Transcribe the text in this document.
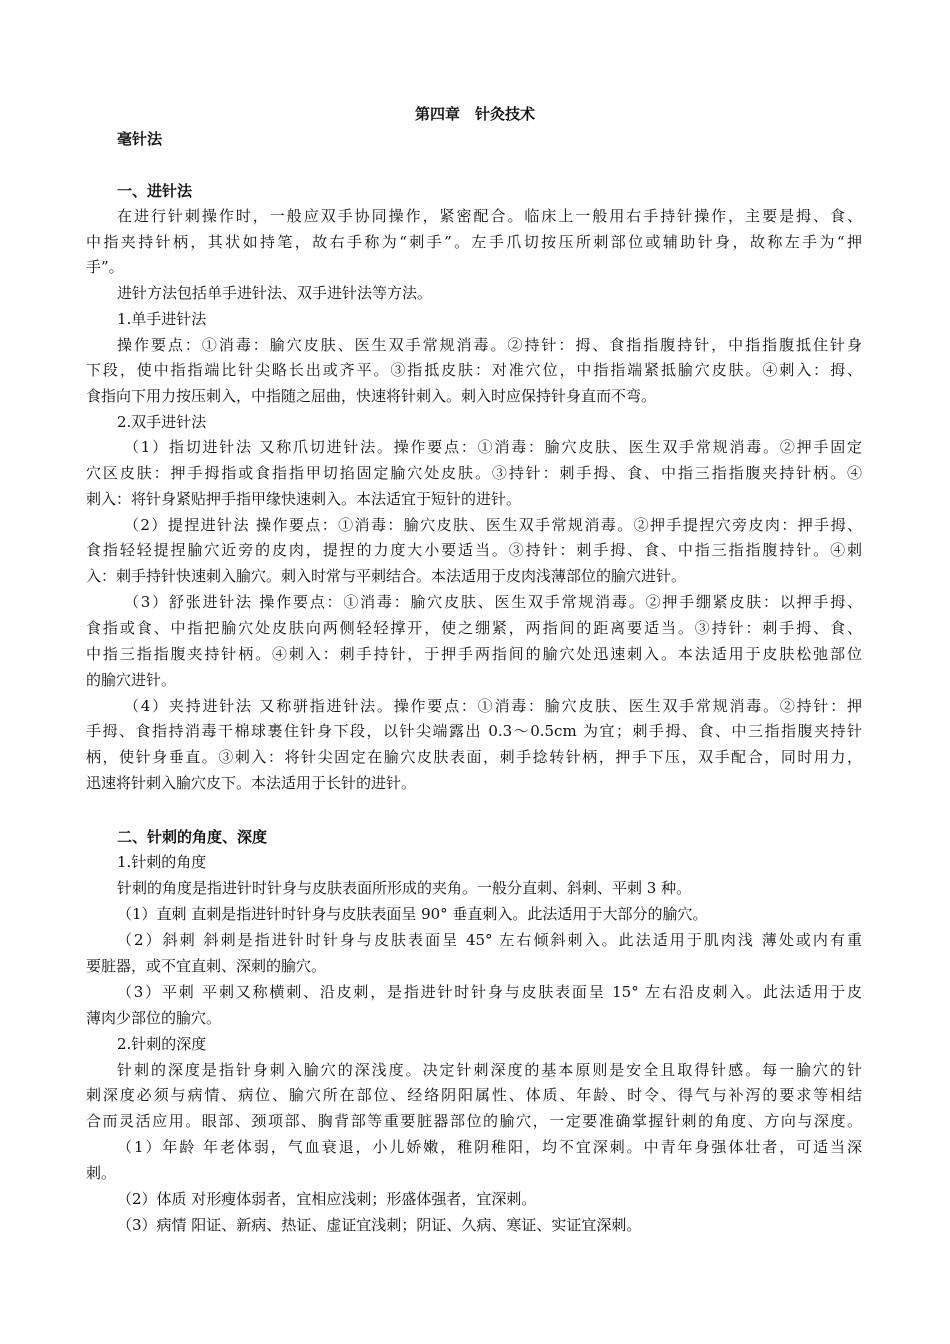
第四章　针灸技术
毫针法
一、进针法
在进行针刺操作时，一般应双手协同操作，紧密配合。临床上一般用右手持针操作，主要是拇、食、
中指夹持针柄，其状如持笔，故右手称为“刺手”。左手爪切按压所刺部位或辅助针身，故称左手为“押
手”。
进针方法包括单手进针法、双手进针法等方法。
1.单手进针法
操作要点：①消毒：腧穴皮肤、医生双手常规消毒。②持针：拇、食指指腹持针，中指指腹抵住针身
下段，使中指指端比针尖略长出或齐平。③指抵皮肤：对准穴位，中指指端紧抵腧穴皮肤。④刺入：拇、
食指向下用力按压刺入，中指随之屈曲，快速将针刺入。刺入时应保持针身直而不弯。
2.双手进针法
（1）指切进针法 又称爪切进针法。操作要点：①消毒：腧穴皮肤、医生双手常规消毒。②押手固定
穴区皮肤：押手拇指或食指指甲切掐固定腧穴处皮肤。③持针：刺手拇、食、中指三指指腹夹持针柄。④
刺入：将针身紧贴押手指甲缘快速刺入。本法适宜于短针的进针。
（2）提捏进针法 操作要点：①消毒：腧穴皮肤、医生双手常规消毒。②押手提捏穴旁皮肉：押手拇、
食指轻轻提捏腧穴近旁的皮肉，提捏的力度大小要适当。③持针：刺手拇、食、中指三指指腹持针。④刺
入：刺手持针快速刺入腧穴。刺入时常与平刺结合。本法适用于皮肉浅薄部位的腧穴进针。
（3）舒张进针法 操作要点：①消毒：腧穴皮肤、医生双手常规消毒。②押手绷紧皮肤：以押手拇、
食指或食、中指把腧穴处皮肤向两侧轻轻撑开，使之绷紧，两指间的距离要适当。③持针：刺手拇、食、
中指三指指腹夹持针柄。④刺入：刺手持针，于押手两指间的腧穴处迅速刺入。本法适用于皮肤松弛部位
的腧穴进针。
（4）夹持进针法 又称骈指进针法。操作要点：①消毒：腧穴皮肤、医生双手常规消毒。②持针：押
手拇、食指持消毒干棉球裹住针身下段，以针尖端露出 0.3～0.5cm 为宜；刺手拇、食、中三指指腹夹持针
柄，使针身垂直。③刺入：将针尖固定在腧穴皮肤表面，刺手捻转针柄，押手下压，双手配合，同时用力，
迅速将针刺入腧穴皮下。本法适用于长针的进针。
二、针刺的角度、深度
1.针刺的角度
针刺的角度是指进针时针身与皮肤表面所形成的夹角。一般分直刺、斜刺、平刺 3 种。
（1）直刺 直刺是指进针时针身与皮肤表面呈 90° 垂直刺入。此法适用于大部分的腧穴。
（2）斜刺 斜刺是指进针时针身与皮肤表面呈 45° 左右倾斜刺入。此法适用于肌肉浅 薄处或内有重
要脏器，或不宜直刺、深刺的腧穴。
（3）平刺 平刺又称横刺、沿皮刺，是指进针时针身与皮肤表面呈 15° 左右沿皮刺入。此法适用于皮
薄肉少部位的腧穴。
2.针刺的深度
针刺的深度是指针身刺入腧穴的深浅度。决定针刺深度的基本原则是安全且取得针感。每一腧穴的针
刺深度必须与病情、病位、腧穴所在部位、经络阴阳属性、体质、年龄、时令、得气与补泻的要求等相结
合而灵活应用。眼部、颈项部、胸背部等重要脏器部位的腧穴，一定要准确掌握针刺的角度、方向与深度。
（1）年龄 年老体弱，气血衰退，小儿娇嫩，稚阴稚阳，均不宜深刺。中青年身强体壮者，可适当深
刺。
（2）体质 对形瘦体弱者，宜相应浅刺；形盛体强者，宜深刺。
（3）病情 阳证、新病、热证、虚证宜浅刺；阴证、久病、寒证、实证宜深刺。
